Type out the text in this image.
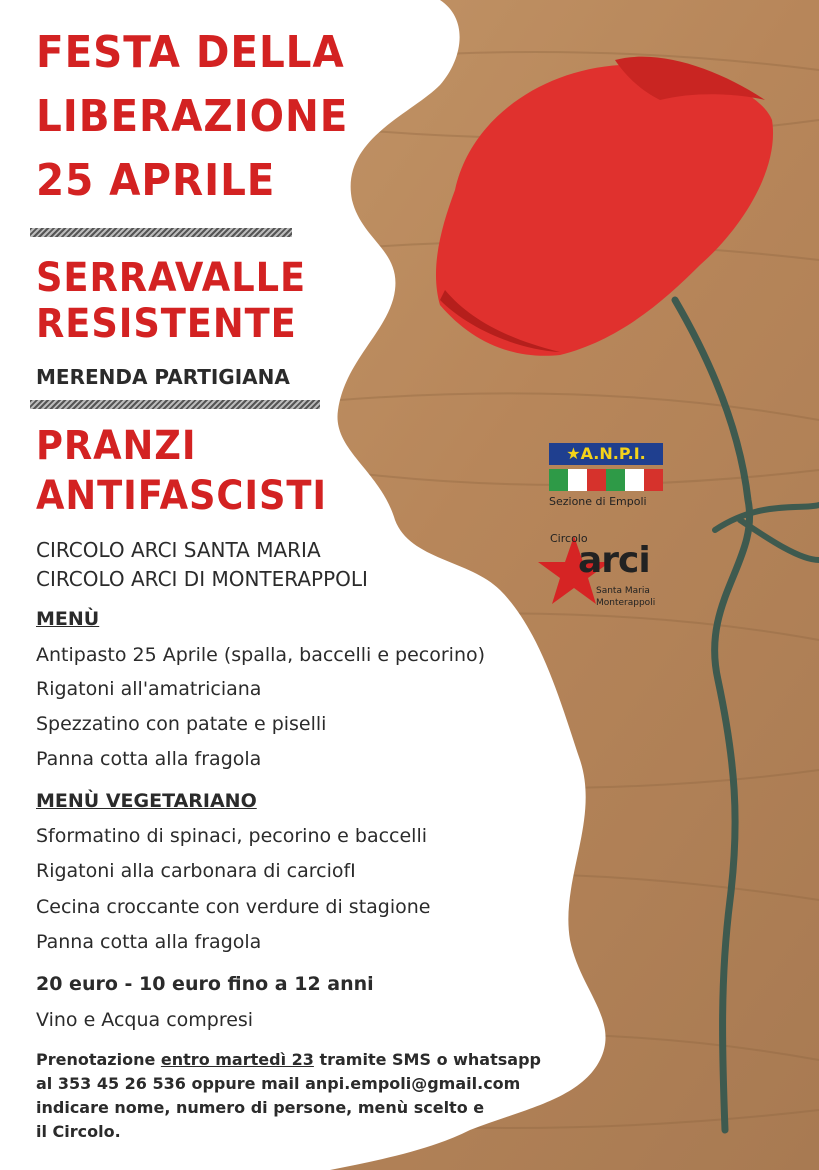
FESTA DELLA
LIBERAZIONE
25 APRILE
SERRAVALLE
RESISTENTE
MERENDA PARTIGIANA
PRANZI
ANTIFASCISTI
CIRCOLO ARCI SANTA MARIA
CIRCOLO ARCI DI MONTERAPPOLI
MENÙ
Antipasto 25 Aprile (spalla, baccelli e pecorino)
Rigatoni all'amatriciana
Spezzatino con patate e piselli
Panna cotta alla fragola
MENÙ VEGETARIANO
Sformatino di spinaci, pecorino e baccelli
Rigatoni alla carbonara di carciofI
Cecina croccante con verdure di stagione
Panna cotta alla fragola
20 euro - 10 euro fino a 12 anni
Vino e Acqua compresi
Prenotazione entro martedì 23 tramite SMS o whatsapp
al 353 45 26 536 oppure mail anpi.empoli@gmail.com
indicare nome, numero di persone, menù scelto e
il Circolo.
★A.N.P.I.
Sezione di Empoli
Circolo
arci
Santa Maria
Monterappoli
